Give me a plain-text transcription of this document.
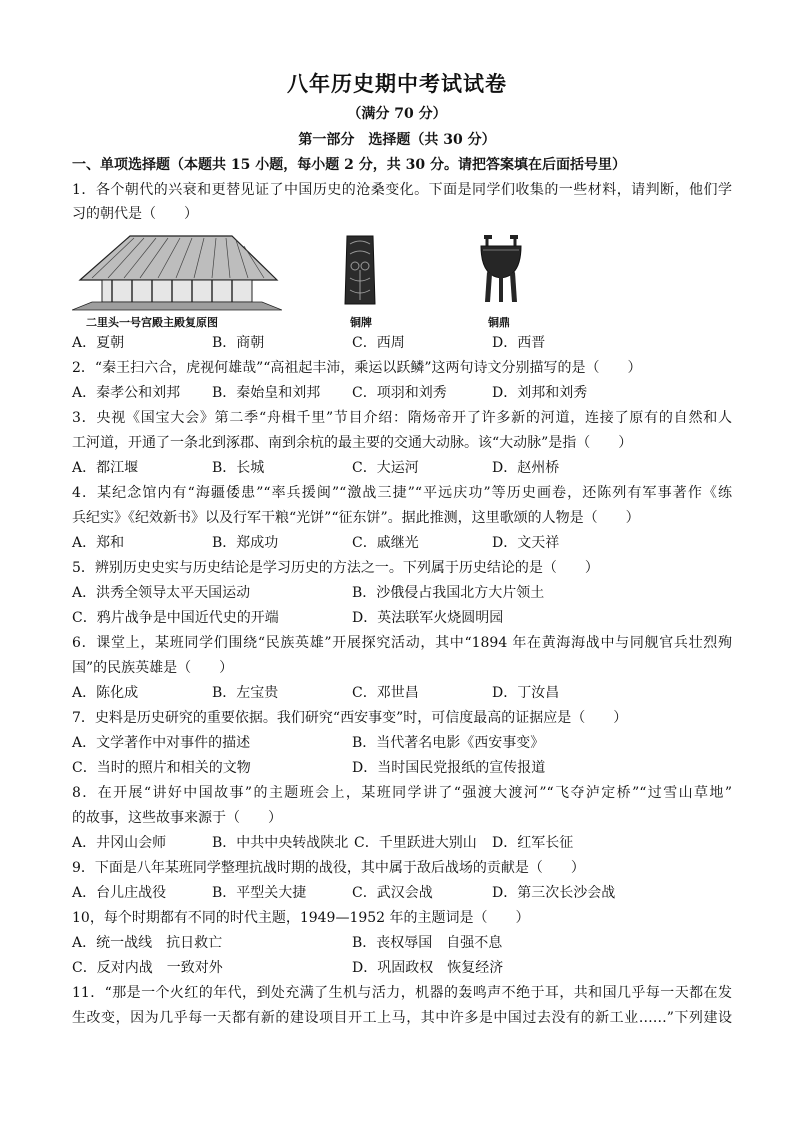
八年历史期中考试试卷
（满分 70 分）
第一部分　选择题（共 30 分）
一、单项选择题（本题共 15 小题，每小题 2 分，共 30 分。请把答案填在后面括号里）
1．各个朝代的兴衰和更替见证了中国历史的沧桑变化。下面是同学们收集的一些材料，请判断，他们学
习的朝代是（　　）
二里头一号宫殿主殿复原图	铜牌	铜鼎
A．夏朝	B．商朝	C．西周	D．西晋
2．“秦王扫六合，虎视何雄哉”“高祖起丰沛，乘运以跃鳞”这两句诗文分别描写的是（　　）
A．秦孝公和刘邦 B．秦始皇和刘邦 C．项羽和刘秀	D．刘邦和刘秀
3．央视《国宝大会》第二季“舟楫千里”节目介绍：隋炀帝开了许多新的河道，连接了原有的自然和人
工河道，开通了一条北到涿郡、南到余杭的最主要的交通大动脉。该“大动脉”是指（　　）
A．都江堰	B．长城	C．大运河	D．赵州桥
4．某纪念馆内有“海疆倭患”“率兵援闽”“激战三捷”“平远庆功”等历史画卷，还陈列有军事著作《练
兵纪实》《纪效新书》以及行军干粮“光饼”“征东饼”。据此推测，这里歌颂的人物是（　　）
A．郑和	B．郑成功	C．戚继光	D．文天祥
5．辨别历史史实与历史结论是学习历史的方法之一。下列属于历史结论的是（　　）
A．洪秀全领导太平天国运动	B．沙俄侵占我国北方大片领土
C．鸦片战争是中国近代史的开端	D．英法联军火烧圆明园
6．课堂上，某班同学们围绕“民族英雄”开展探究活动，其中“1894 年在黄海海战中与同舰官兵壮烈殉
国”的民族英雄是（　　）
A．陈化成	B．左宝贵	C．邓世昌	D．丁汝昌
7．史料是历史研究的重要依据。我们研究“西安事变”时，可信度最高的证据应是（　　）
A．文学著作中对事件的描述	B．当代著名电影《西安事变》
C．当时的照片和相关的文物	D．当时国民党报纸的宣传报道
8．在开展“讲好中国故事”的主题班会上，某班同学讲了“强渡大渡河”“飞夺泸定桥”“过雪山草地”
的故事，这些故事来源于（　　）
A．井冈山会师	B．中共中央转战陕北 C．千里跃进大别山 D．红军长征
9．下面是八年某班同学整理抗战时期的战役，其中属于敌后战场的贡献是（　　）
A．台儿庄战役	B．平型关大捷	C．武汉会战	D．第三次长沙会战
10，每个时期都有不同的时代主题，1949—1952 年的主题词是（　　）
A．统一战线　抗日救亡	B．丧权辱国　自强不息
C．反对内战　一致对外	D．巩固政权　恢复经济
11．“那是一个火红的年代，到处充满了生机与活力，机器的轰鸣声不绝于耳，共和国几乎每一天都在发
生改变，因为几乎每一天都有新的建设项目开工上马，其中许多是中国过去没有的新工业……”下列建设
